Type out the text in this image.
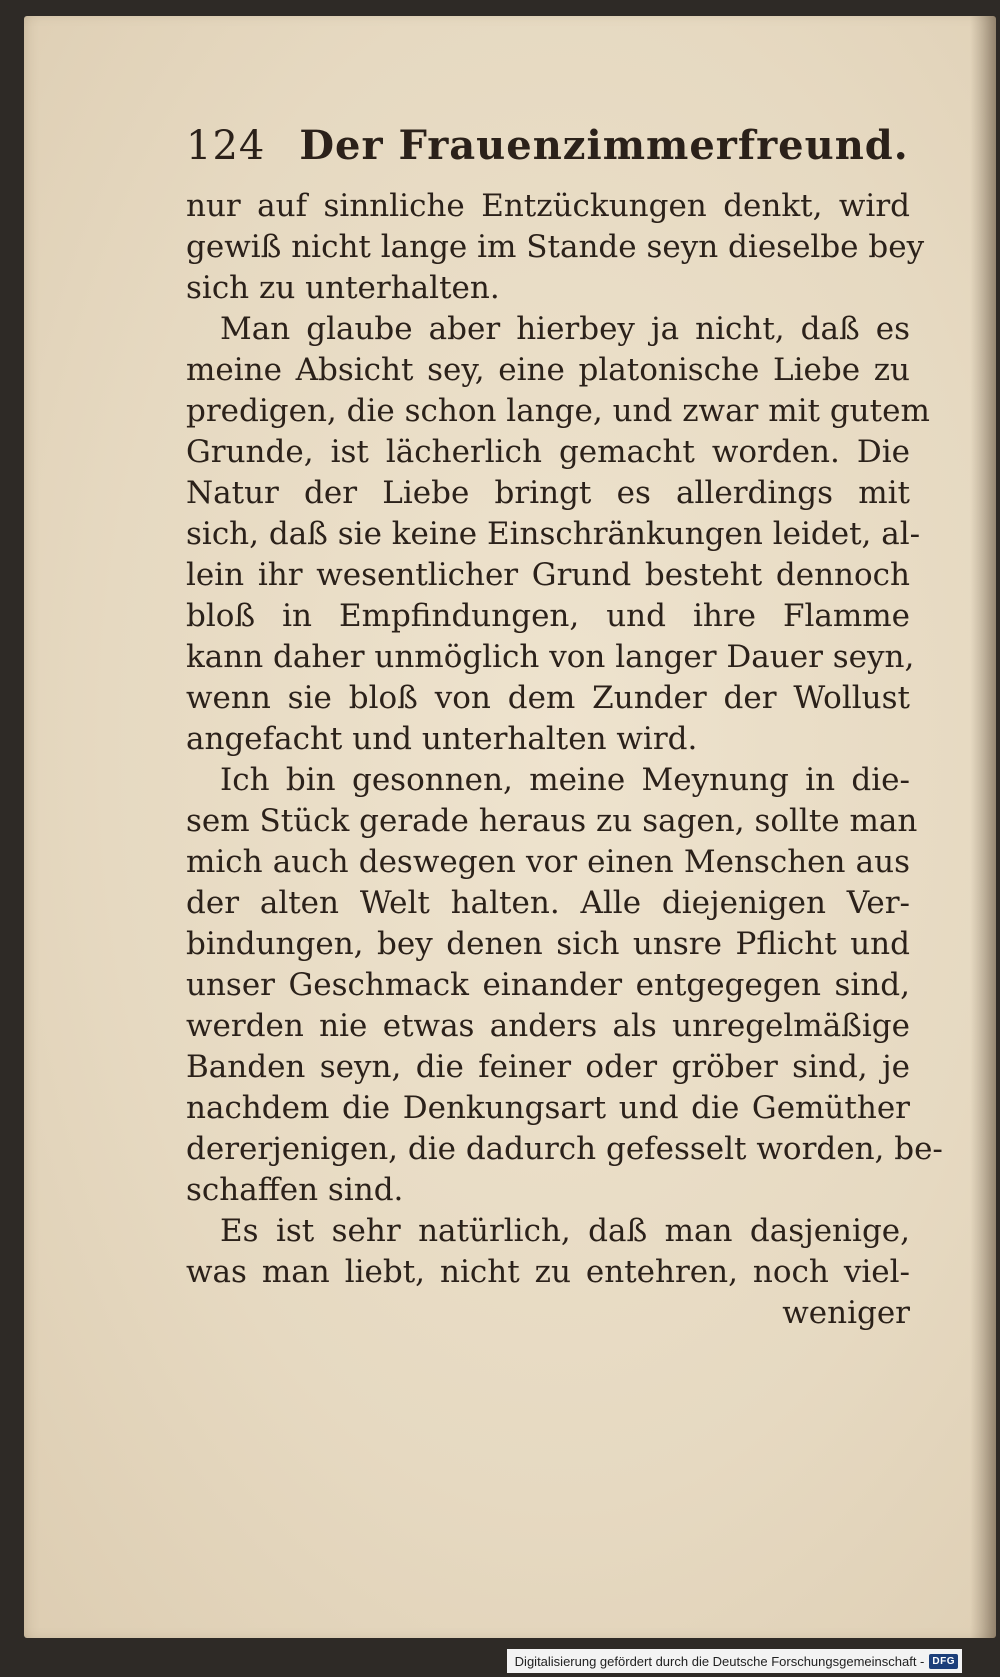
124 Der Frauenzimmerfreund.
nur auf sinnliche Entzückungen denkt, wird
gewiß nicht lange im Stande seyn dieselbe bey
sich zu unterhalten.
Man glaube aber hierbey ja nicht, daß es
meine Absicht sey, eine platonische Liebe zu
predigen, die schon lange, und zwar mit gutem
Grunde, ist lächerlich gemacht worden. Die
Natur der Liebe bringt es allerdings mit
sich, daß sie keine Einschränkungen leidet, al-
lein ihr wesentlicher Grund besteht dennoch
bloß in Empfindungen, und ihre Flamme
kann daher unmöglich von langer Dauer seyn,
wenn sie bloß von dem Zunder der Wollust
angefacht und unterhalten wird.
Ich bin gesonnen, meine Meynung in die-
sem Stück gerade heraus zu sagen, sollte man
mich auch deswegen vor einen Menschen aus
der alten Welt halten. Alle diejenigen Ver-
bindungen, bey denen sich unsre Pflicht und
unser Geschmack einander entgegegen sind,
werden nie etwas anders als unregelmäßige
Banden seyn, die feiner oder gröber sind, je
nachdem die Denkungsart und die Gemüther
dererjenigen, die dadurch gefesselt worden, be-
schaffen sind.
Es ist sehr natürlich, daß man dasjenige,
was man liebt, nicht zu entehren, noch viel-
weniger
Digitalisierung gefördert durch die Deutsche Forschungsgemeinschaft - DFG
